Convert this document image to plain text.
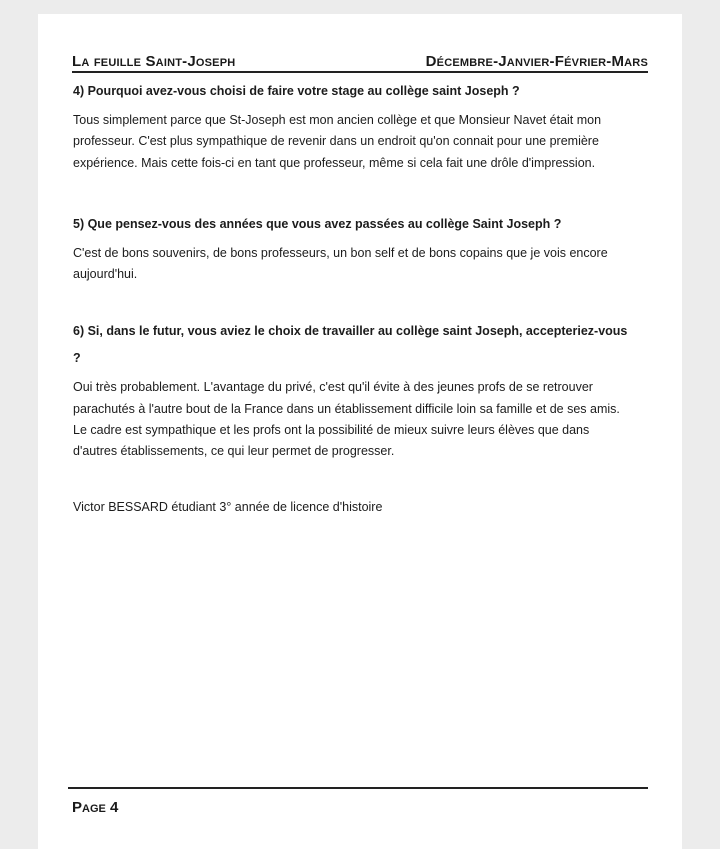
La feuille Saint-Joseph	Décembre-Janvier-Février-Mars

4) Pourquoi avez-vous choisi de faire votre stage au collège saint Joseph ?

Tous simplement parce que St-Joseph est mon ancien collège et que Monsieur Navet était mon professeur. C'est plus sympathique de revenir dans un endroit qu'on connait pour une première expérience. Mais cette fois-ci en tant que professeur, même si cela fait une drôle d'impression.

5) Que pensez-vous des années que vous avez passées au collège Saint Joseph ?

C'est de bons souvenirs, de bons professeurs, un bon self et de bons copains que je vois encore aujourd'hui.

6) Si, dans le futur, vous aviez le choix de travailler au collège saint Joseph, accepteriez-vous ?

Oui très probablement. L'avantage du privé, c'est qu'il évite à des jeunes profs de se retrouver parachutés à l'autre bout de la France dans un établissement difficile loin sa famille et de ses amis. Le cadre est sympathique et les profs ont la possibilité de mieux suivre leurs élèves que dans d'autres établissements, ce qui leur permet de progresser.

Victor BESSARD étudiant 3° année de licence d'histoire

Page 4
